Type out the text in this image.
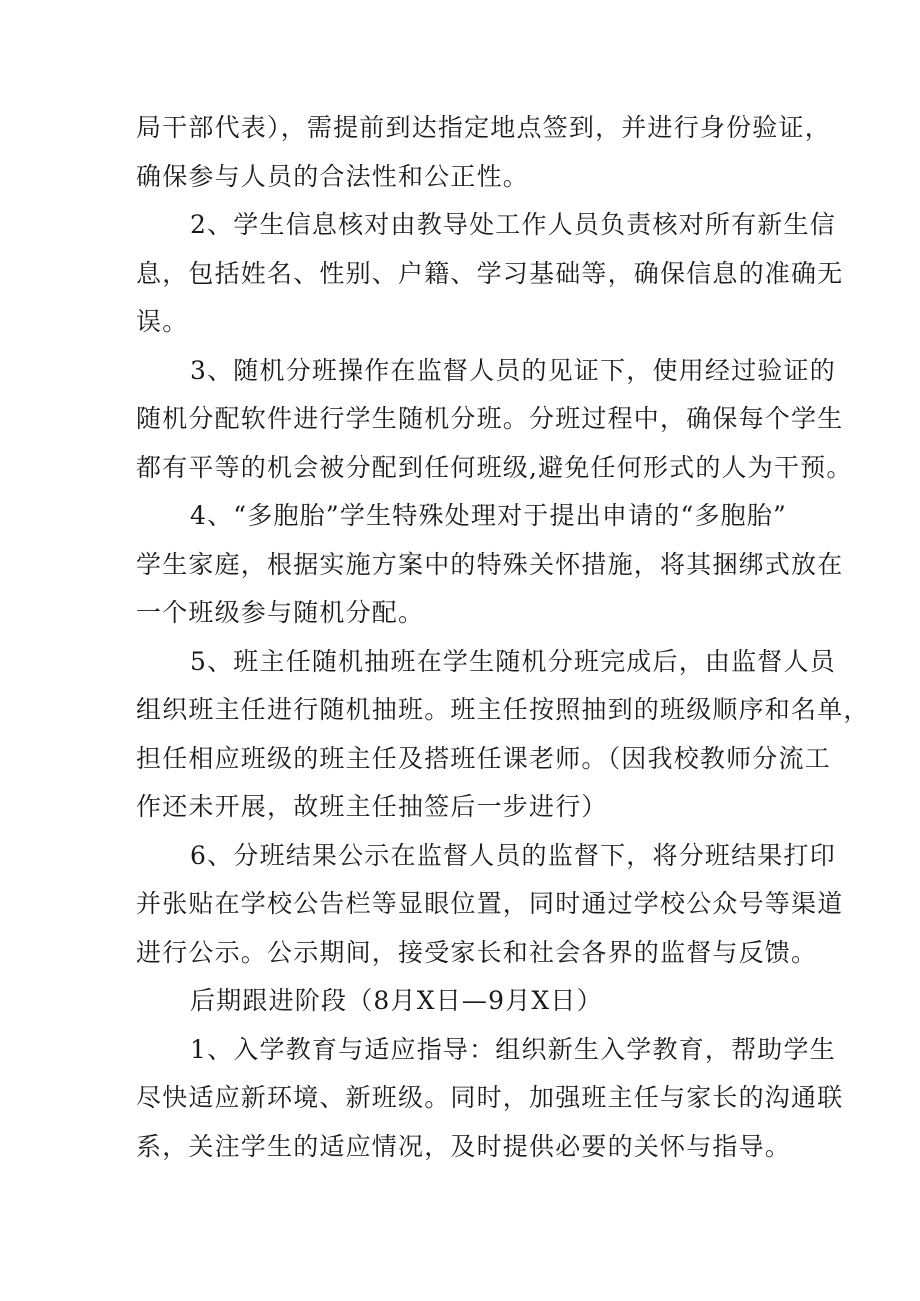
局干部代表），需提前到达指定地点签到，并进行身份验证，
确保参与人员的合法性和公正性。
2、学生信息核对由教导处工作人员负责核对所有新生信
息，包括姓名、性别、户籍、学习基础等，确保信息的准确无
误。
3、随机分班操作在监督人员的见证下，使用经过验证的
随机分配软件进行学生随机分班。分班过程中，确保每个学生
都有平等的机会被分配到任何班级,避免任何形式的人为干预。
4、“多胞胎”学生特殊处理对于提出申请的“多胞胎”
学生家庭，根据实施方案中的特殊关怀措施，将其捆绑式放在
一个班级参与随机分配。
5、班主任随机抽班在学生随机分班完成后，由监督人员
组织班主任进行随机抽班。班主任按照抽到的班级顺序和名单，
担任相应班级的班主任及搭班任课老师。（因我校教师分流工
作还未开展，故班主任抽签后一步进行）
6、分班结果公示在监督人员的监督下，将分班结果打印
并张贴在学校公告栏等显眼位置，同时通过学校公众号等渠道
进行公示。公示期间，接受家长和社会各界的监督与反馈。
后期跟进阶段（8月X日—9月X日）
1、入学教育与适应指导：组织新生入学教育，帮助学生
尽快适应新环境、新班级。同时，加强班主任与家长的沟通联
系，关注学生的适应情况，及时提供必要的关怀与指导。
